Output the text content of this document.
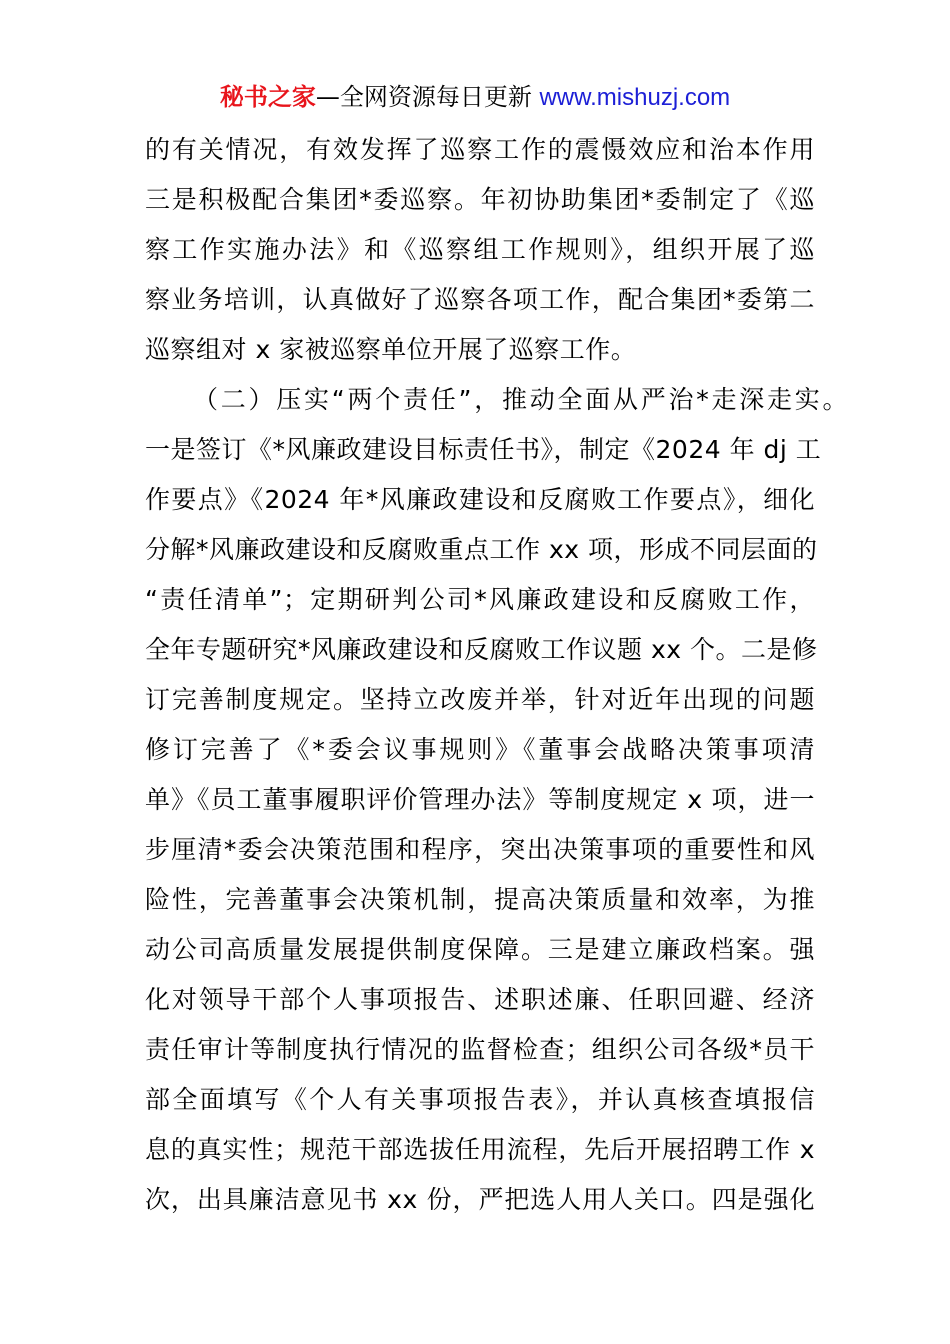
秘书之家—全网资源每日更新 www.mishuzj.com
的有关情况，有效发挥了巡察工作的震慑效应和治本作用
三是积极配合集团*委巡察。年初协助集团*委制定了《巡
察工作实施办法》和《巡察组工作规则》，组织开展了巡
察业务培训，认真做好了巡察各项工作，配合集团*委第二
巡察组对 x 家被巡察单位开展了巡察工作。
（二）压实“两个责任”，推动全面从严治*走深走实。
一是签订《*风廉政建设目标责任书》，制定《2024 年 dj 工
作要点》《2024 年*风廉政建设和反腐败工作要点》，细化
分解*风廉政建设和反腐败重点工作 xx 项，形成不同层面的
“责任清单”；定期研判公司*风廉政建设和反腐败工作，
全年专题研究*风廉政建设和反腐败工作议题 xx 个。二是修
订完善制度规定。坚持立改废并举，针对近年出现的问题
修订完善了《*委会议事规则》《董事会战略决策事项清
单》《员工董事履职评价管理办法》等制度规定 x 项，进一
步厘清*委会决策范围和程序，突出决策事项的重要性和风
险性，完善董事会决策机制，提高决策质量和效率，为推
动公司高质量发展提供制度保障。三是建立廉政档案。强
化对领导干部个人事项报告、述职述廉、任职回避、经济
责任审计等制度执行情况的监督检查；组织公司各级*员干
部全面填写《个人有关事项报告表》，并认真核查填报信
息的真实性；规范干部选拔任用流程，先后开展招聘工作 x
次，出具廉洁意见书 xx 份，严把选人用人关口。四是强化
